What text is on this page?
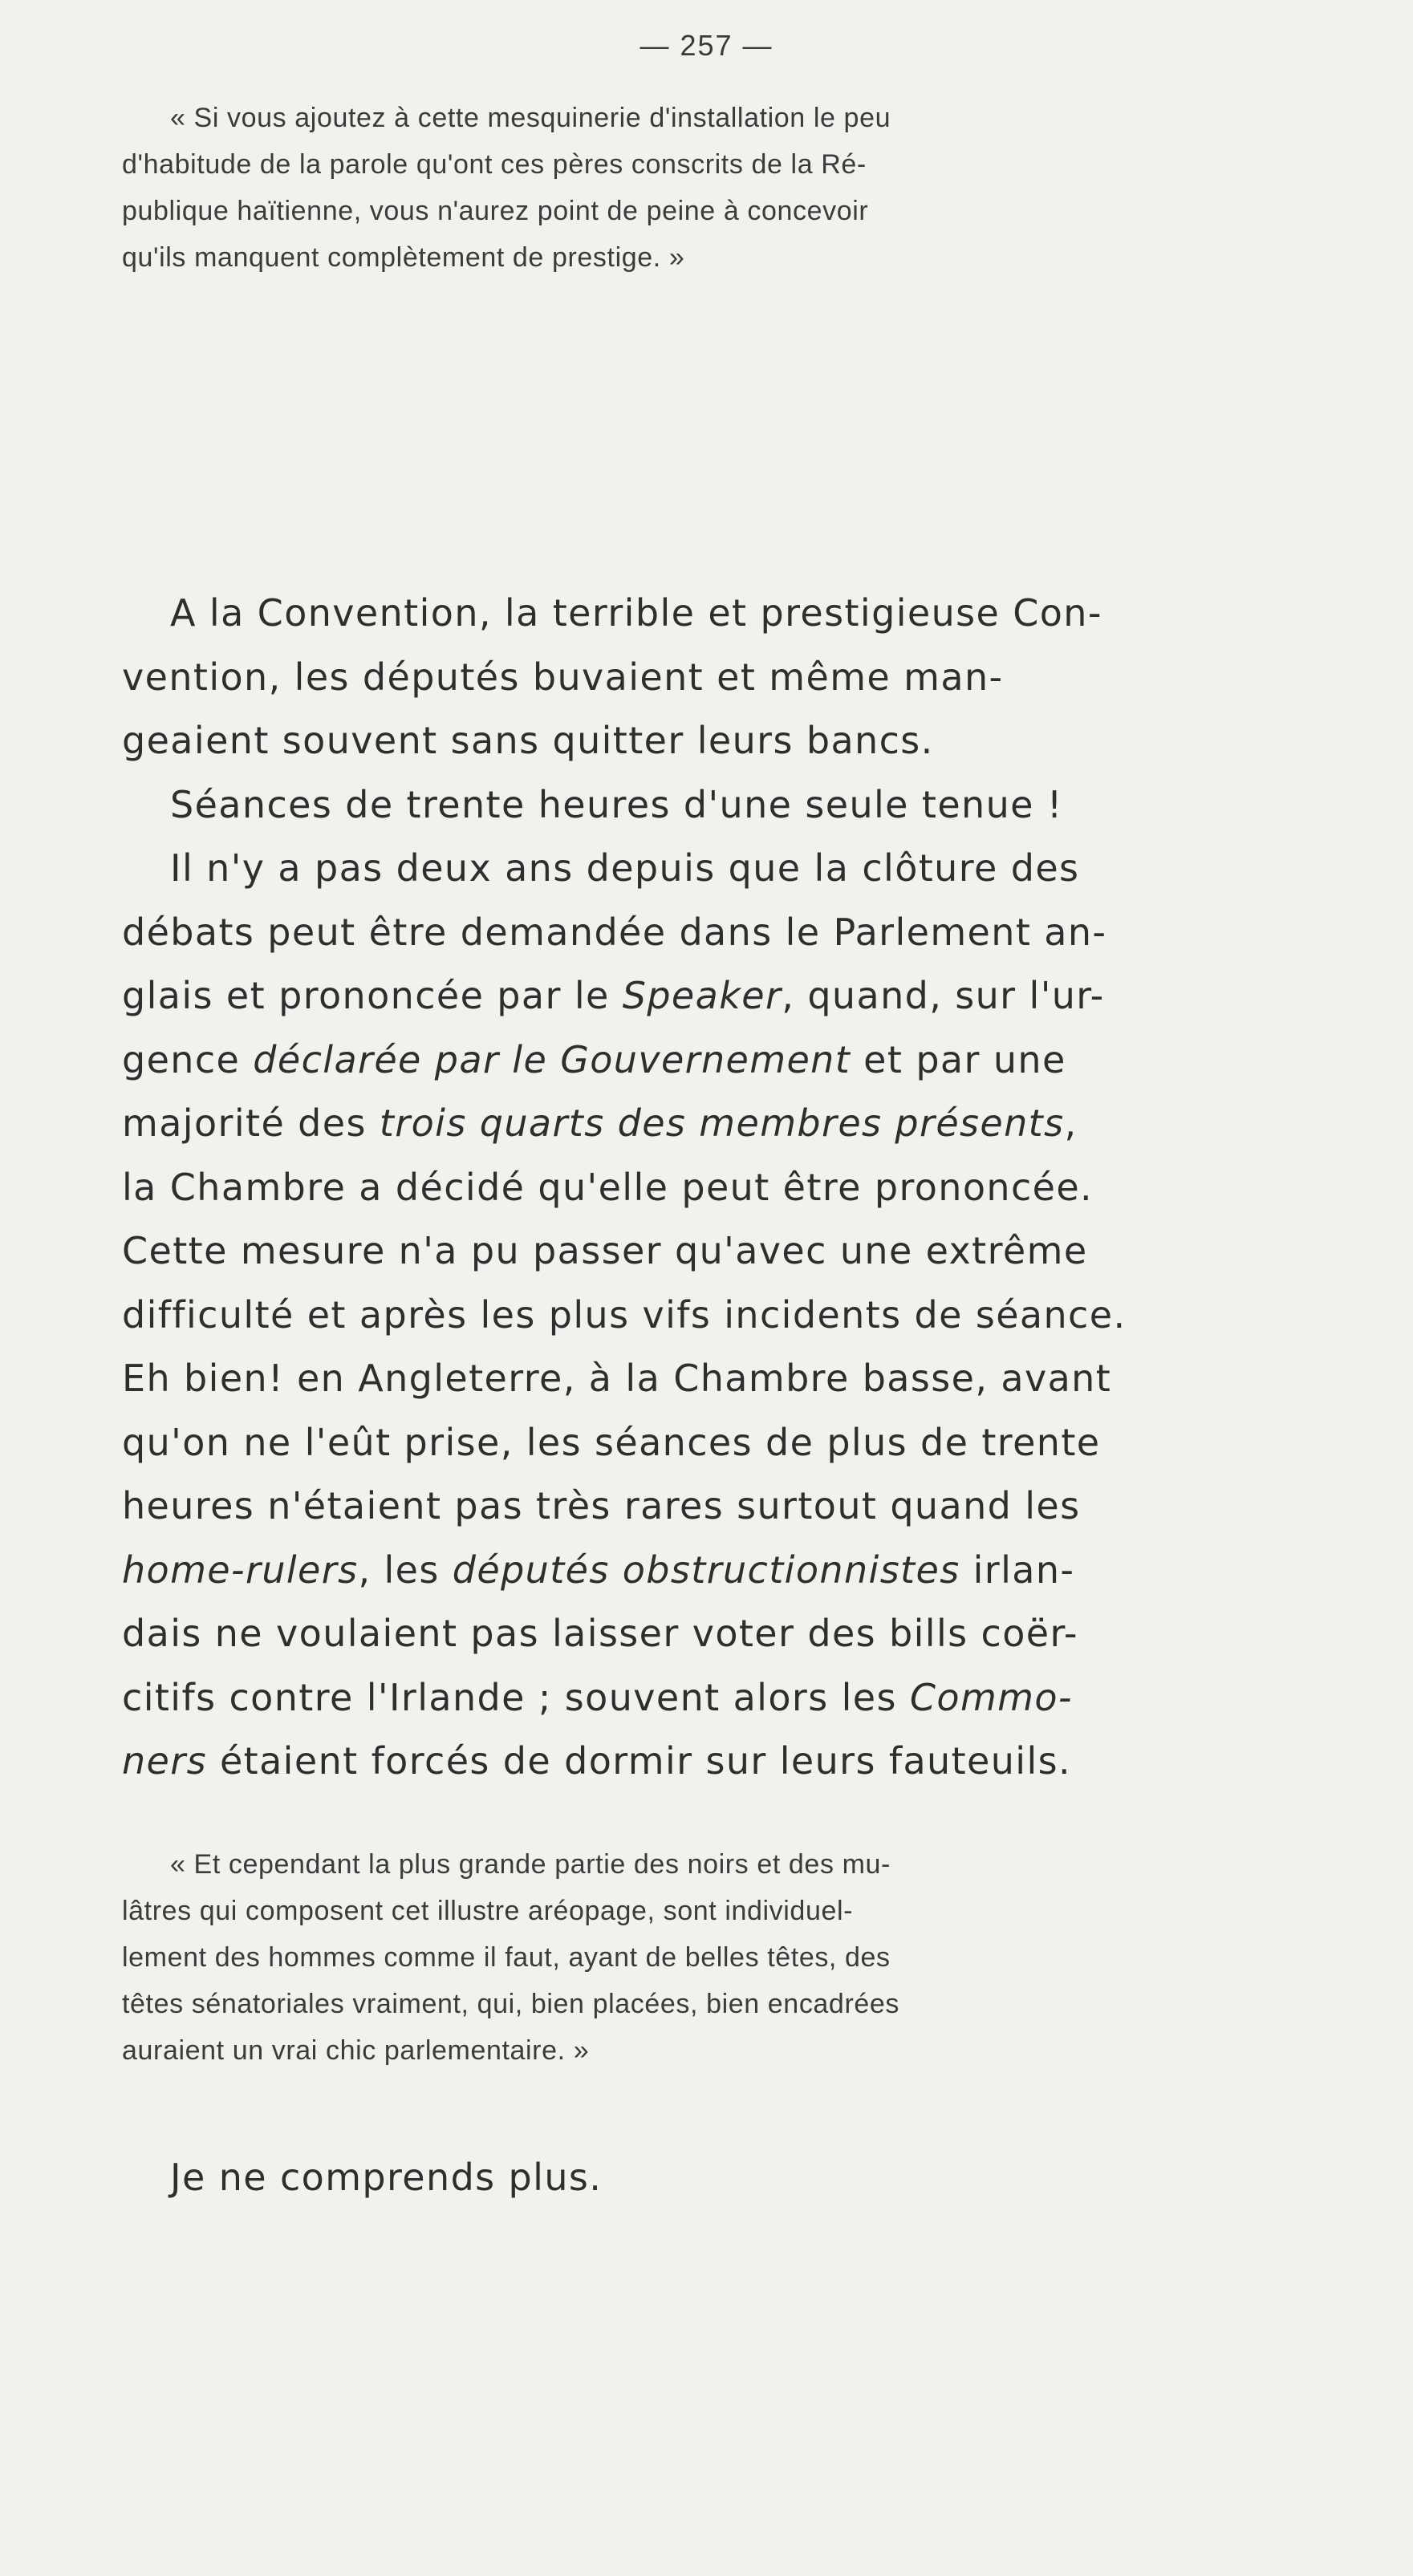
— 257 —
« Si vous ajoutez à cette mesquinerie d'installation le peu
d'habitude de la parole qu'ont ces pères conscrits de la Ré-
publique haïtienne, vous n'aurez point de peine à concevoir
qu'ils manquent complètement de prestige. »
A la Convention, la terrible et prestigieuse Con-
vention, les députés buvaient et même man-
geaient souvent sans quitter leurs bancs.
Séances de trente heures d'une seule tenue !
Il n'y a pas deux ans depuis que la clôture des
débats peut être demandée dans le Parlement an-
glais et prononcée par le Speaker, quand, sur l'ur-
gence déclarée par le Gouvernement et par une
majorité des trois quarts des membres présents,
la Chambre a décidé qu'elle peut être prononcée.
Cette mesure n'a pu passer qu'avec une extrême
difficulté et après les plus vifs incidents de séance.
Eh bien! en Angleterre, à la Chambre basse, avant
qu'on ne l'eût prise, les séances de plus de trente
heures n'étaient pas très rares surtout quand les
home-rulers, les députés obstructionnistes irlan-
dais ne voulaient pas laisser voter des bills coër-
citifs contre l'Irlande ; souvent alors les Commo-
ners étaient forcés de dormir sur leurs fauteuils.
« Et cependant la plus grande partie des noirs et des mu-
lâtres qui composent cet illustre aréopage, sont individuel-
lement des hommes comme il faut, ayant de belles têtes, des
têtes sénatoriales vraiment, qui, bien placées, bien encadrées
auraient un vrai chic parlementaire. »
Je ne comprends plus.
